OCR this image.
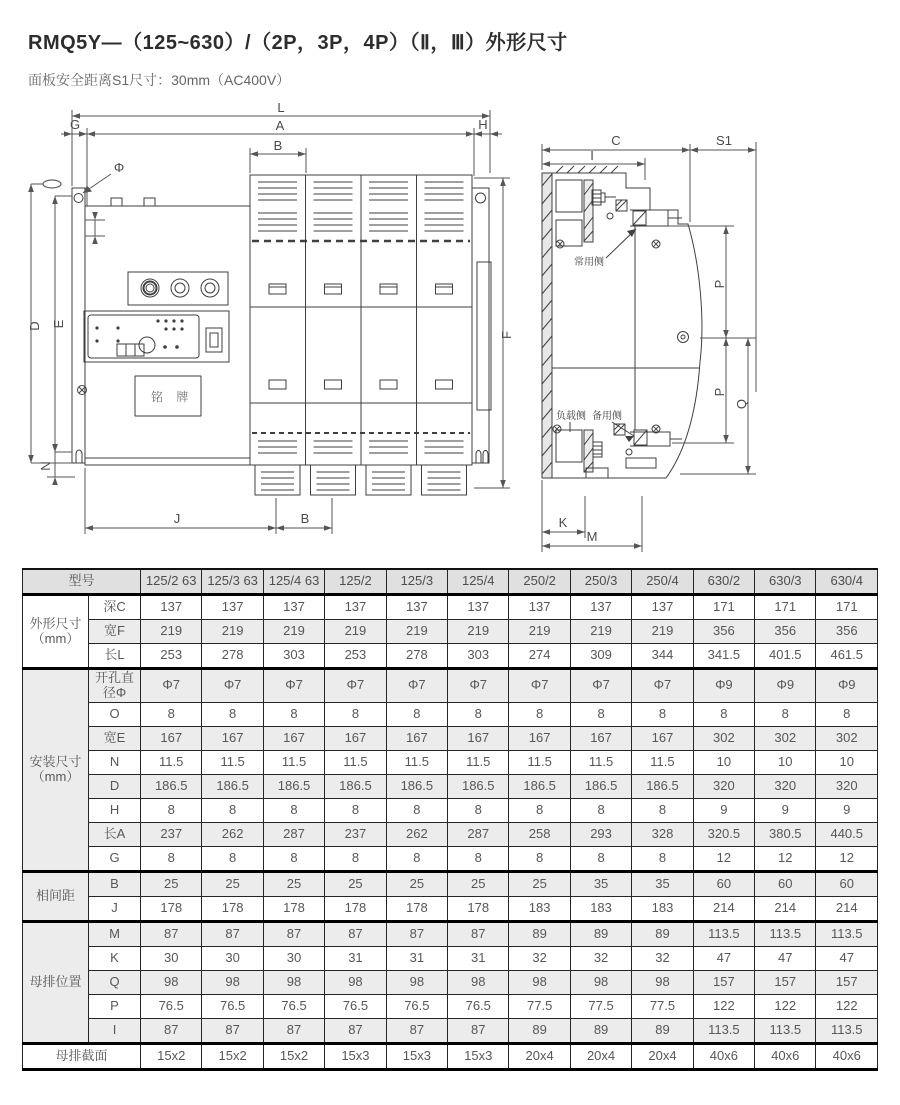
RMQ5Y—（125~630）/（2P，3P，4P）（Ⅱ，Ⅲ）外形尺寸

面板安全距离S1尺寸：30mm（AC400V）

L
G	A	H
B
Φ
D E
N
F
J	B
铭 牌
C	S1
I
P
P
Q
K
M
常用侧
负载侧 备用侧
型号		125/2 63	125/3 63	125/4 63	125/2	125/3	125/4	250/2	250/3	250/4	630/2	630/3	630/4
外形尺寸（mm）	深C	137	137	137	137	137	137	137	137	137	171	171	171
	宽F	219	219	219	219	219	219	219	219	219	356	356	356
	长L	253	278	303	253	278	303	274	309	344	341.5	401.5	461.5
安装尺寸（mm）	开孔直径Φ	Φ7	Φ7	Φ7	Φ7	Φ7	Φ7	Φ7	Φ7	Φ7	Φ9	Φ9	Φ9
	O	8	8	8	8	8	8	8	8	8	8	8	8
	宽E	167	167	167	167	167	167	167	167	167	302	302	302
	N	11.5	11.5	11.5	11.5	11.5	11.5	11.5	11.5	11.5	10	10	10
	D	186.5	186.5	186.5	186.5	186.5	186.5	186.5	186.5	186.5	320	320	320
	H	8	8	8	8	8	8	8	8	8	9	9	9
	长A	237	262	287	237	262	287	258	293	328	320.5	380.5	440.5
	G	8	8	8	8	8	8	8	8	8	12	12	12
相间距	B	25	25	25	25	25	25	25	35	35	60	60	60
	J	178	178	178	178	178	178	183	183	183	214	214	214
母排位置	M	87	87	87	87	87	87	89	89	89	113.5	113.5	113.5
	K	30	30	30	31	31	31	32	32	32	47	47	47
	Q	98	98	98	98	98	98	98	98	98	157	157	157
	P	76.5	76.5	76.5	76.5	76.5	76.5	77.5	77.5	77.5	122	122	122
	I	87	87	87	87	87	87	89	89	89	113.5	113.5	113.5
母排截面		15x2	15x2	15x2	15x3	15x3	15x3	20x4	20x4	20x4	40x6	40x6	40x6
